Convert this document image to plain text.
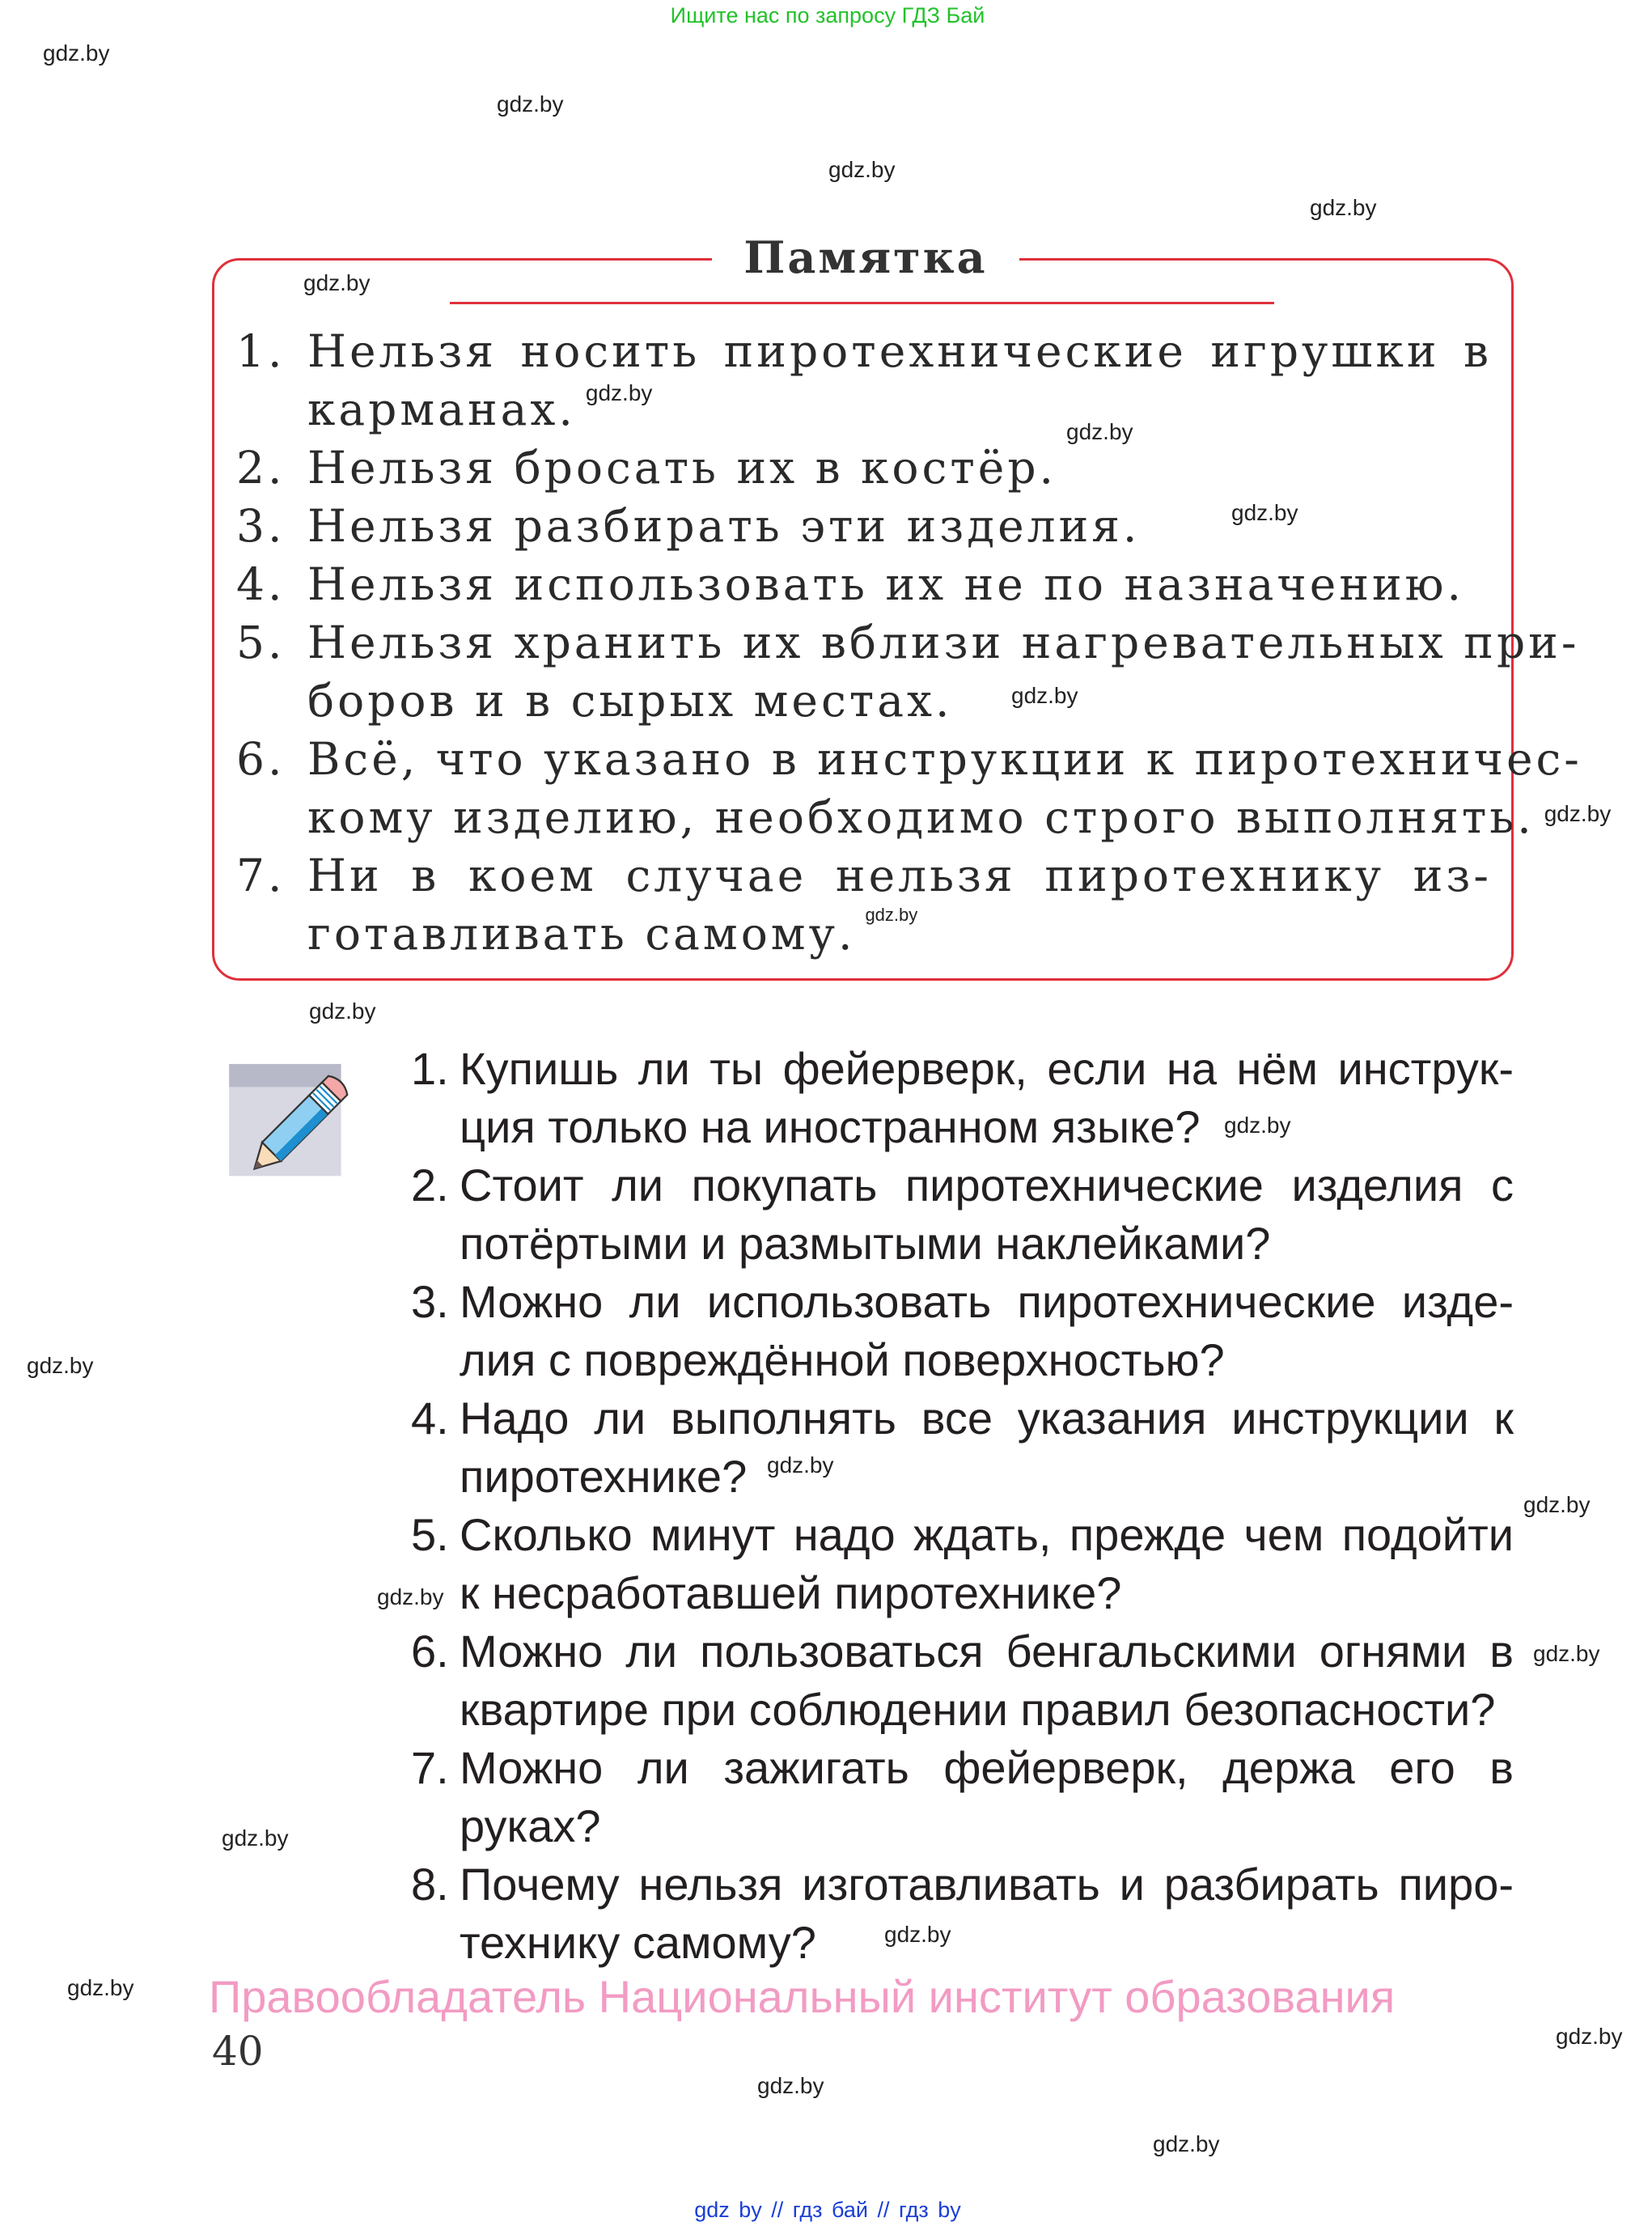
Ищите нас по запросу ГДЗ Бай
Памятка
1. Нельзя носить пиротехнические игрушки в
карманах.
2. Нельзя бросать их в костёр.
3. Нельзя разбирать эти изделия.
4. Нельзя использовать их не по назначению.
5. Нельзя хранить их вблизи нагревательных при-
боров и в сырых местах.
6. Всё, что указано в инструкции к пиротехничес-
кому изделию, необходимо строго выполнять.
7. Ни в коем случае нельзя пиротехнику из-
готавливать самому.
1. Купишь ли ты фейерверк, если на нём инструк-
ция только на иностранном языке?
2. Стоит ли покупать пиротехнические изделия с
потёртыми и размытыми наклейками?
3. Можно ли использовать пиротехнические изде-
лия с повреждённой поверхностью?
4. Надо ли выполнять все указания инструкции к
пиротехнике?
5. Сколько минут надо ждать, прежде чем подойти
к несработавшей пиротехнике?
6. Можно ли пользоваться бенгальскими огнями в
квартире при соблюдении правил безопасности?
7. Можно ли зажигать фейерверк, держа его в
руках?
8. Почему нельзя изготавливать и разбирать пиро-
технику самому?
Правообладатель Национальный институт образования
40
gdz by // гдз бай // гдз by
gdz.by
gdz.by
gdz.by
gdz.by
gdz.by
gdz.by
gdz.by
gdz.by
gdz.by
gdz.by
gdz.by
gdz.by
gdz.by
gdz.by
gdz.by
gdz.by
gdz.by
gdz.by
gdz.by
gdz.by
gdz.by
gdz.by
gdz.by
gdz.by
